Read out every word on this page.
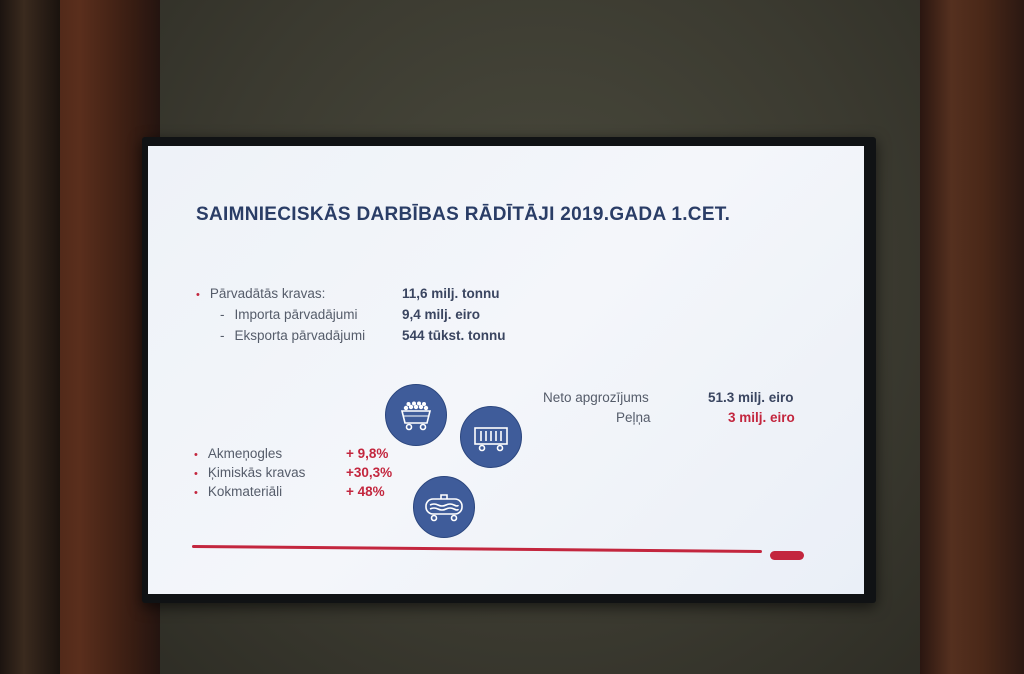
SAIMNIECISKĀS DARBĪBAS RĀDĪTĀJI 2019.GADA 1.CET.
• Pārvadātās kravas:	11,6 milj. tonnu
- Importa pārvadājumi	9,4 milj. eiro
- Eksporta pārvadājumi	544 tūkst. tonnu
Neto apgrozījums	51.3 milj. eiro
Peļņa	3 milj. eiro
• Akmeņogles	+ 9,8%
• Ķimiskās kravas	+30,3%
• Kokmateriāli	+ 48%
